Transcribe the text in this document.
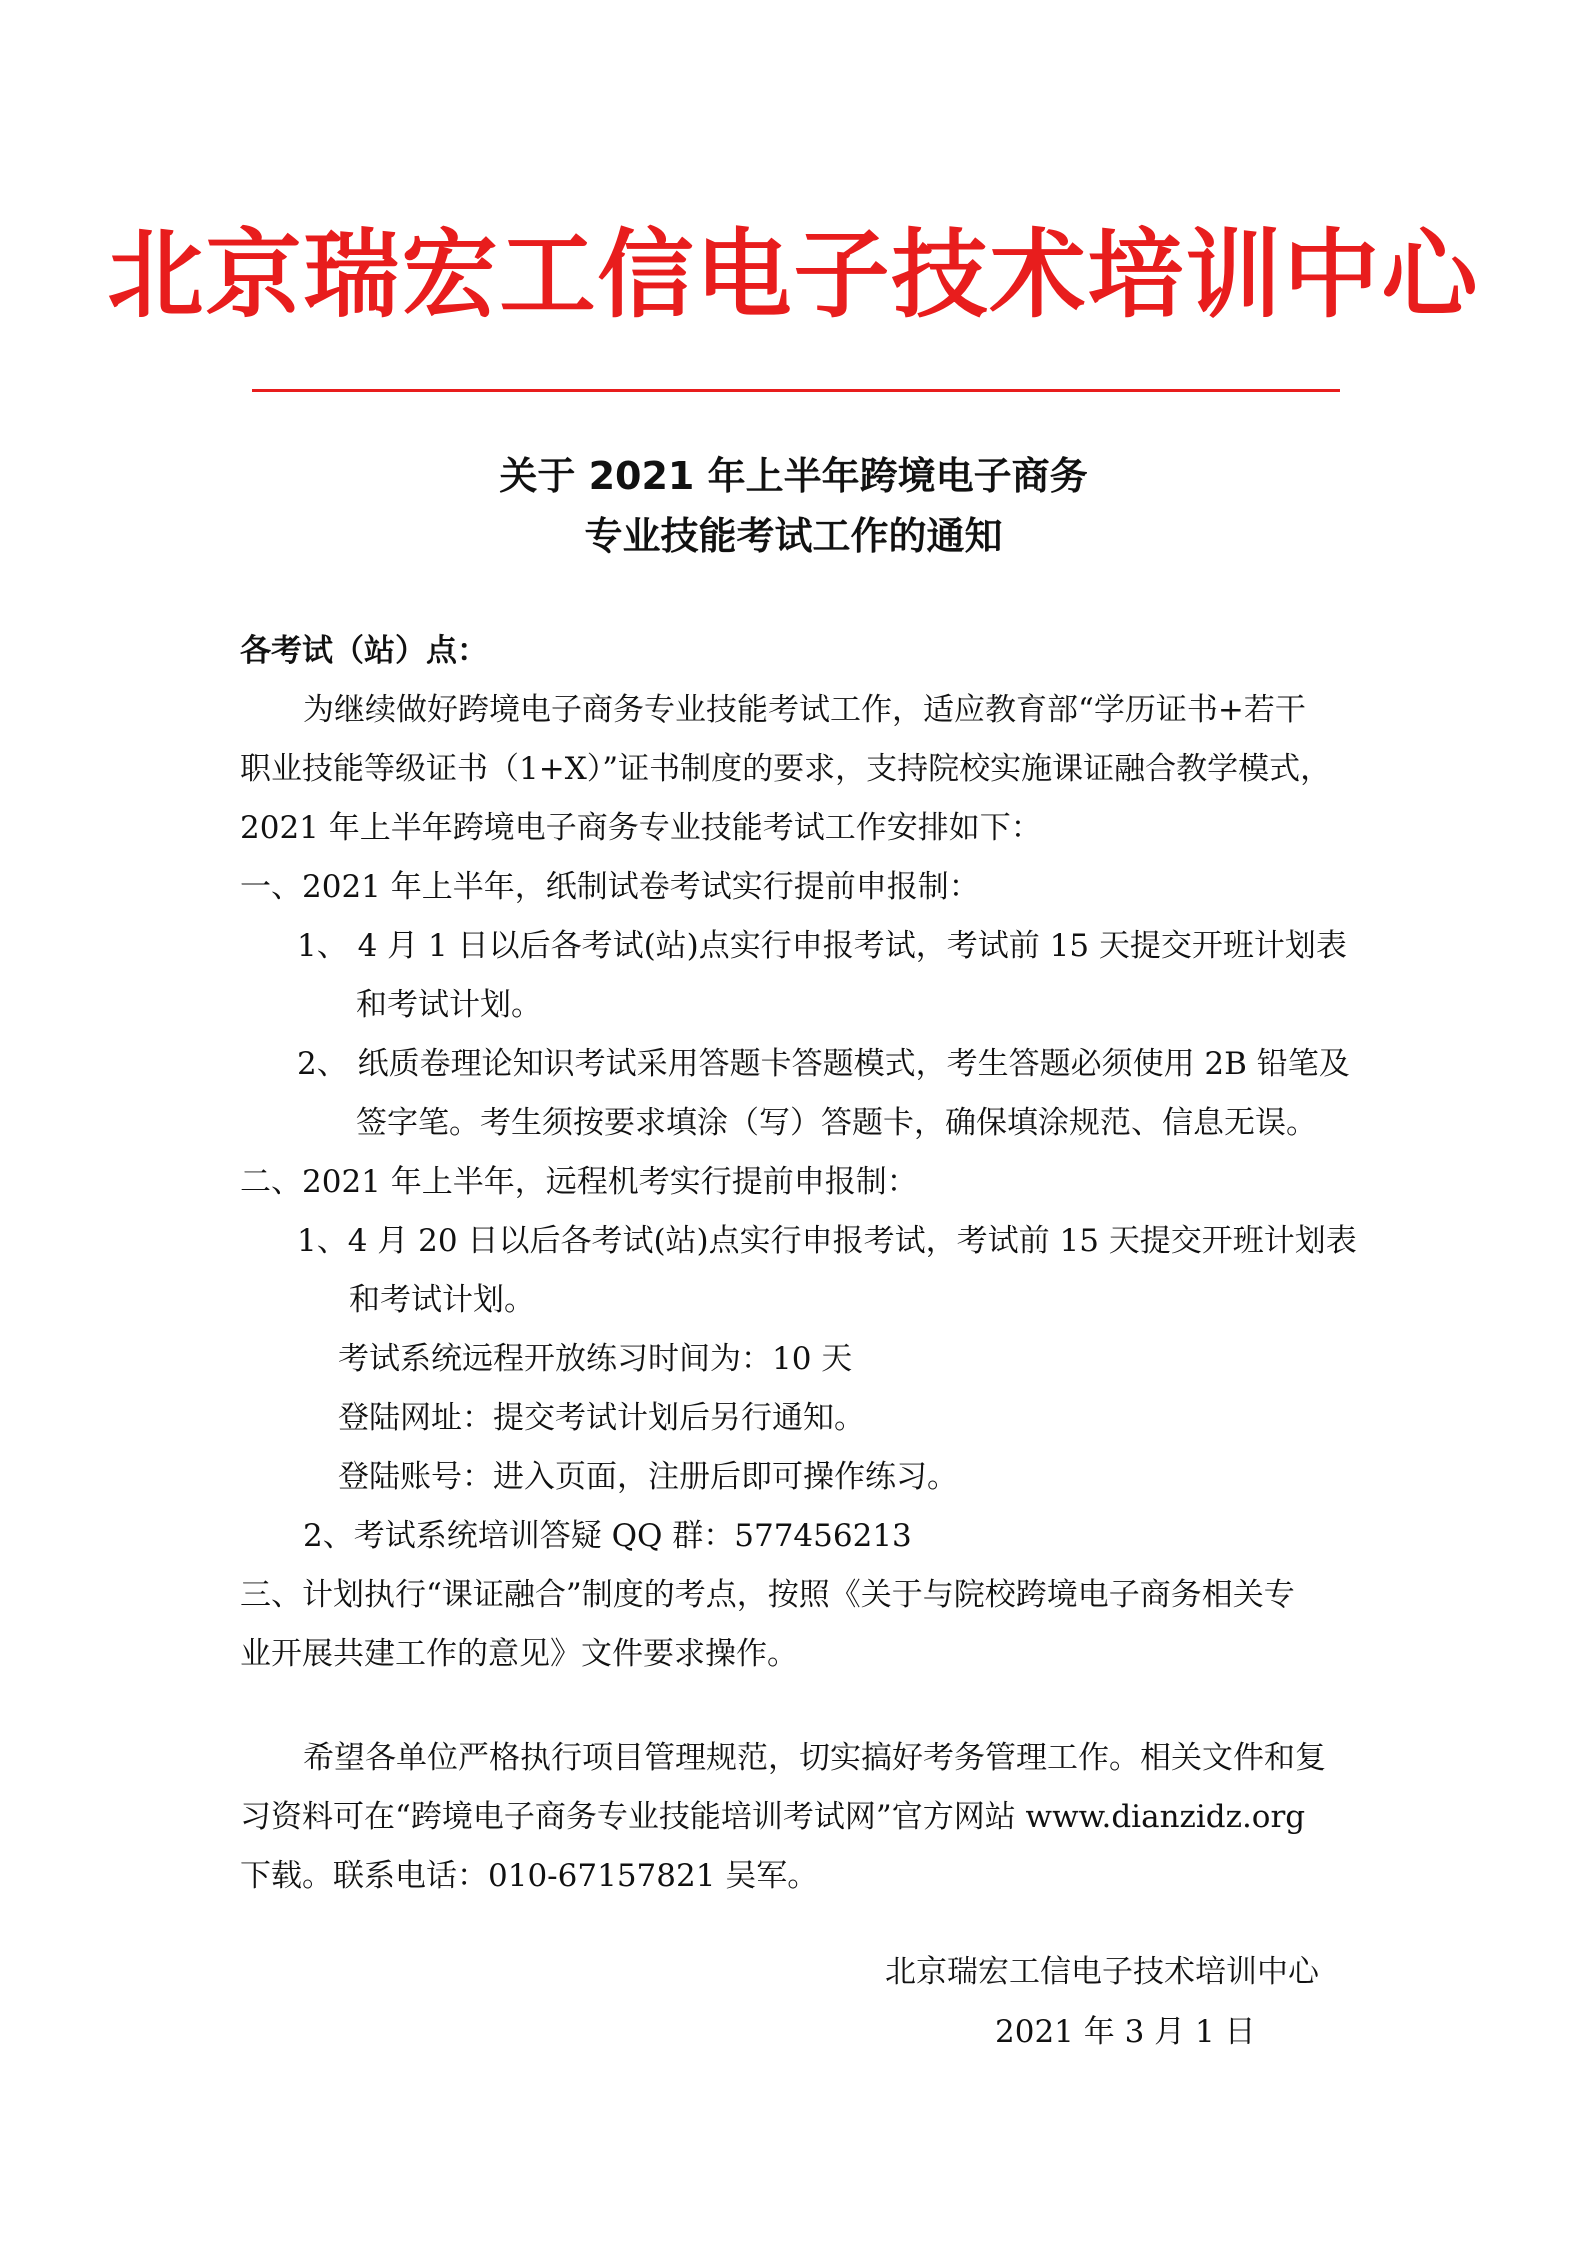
北京瑞宏工信电子技术培训中心
关于 2021 年上半年跨境电子商务
专业技能考试工作的通知
各考试（站）点：
为继续做好跨境电子商务专业技能考试工作，适应教育部“学历证书+若干
职业技能等级证书（1+X）”证书制度的要求，支持院校实施课证融合教学模式，
2021 年上半年跨境电子商务专业技能考试工作安排如下：
一、2021 年上半年，纸制试卷考试实行提前申报制：
1、 4 月 1 日以后各考试(站)点实行申报考试，考试前 15 天提交开班计划表
和考试计划。
2、 纸质卷理论知识考试采用答题卡答题模式，考生答题必须使用 2B 铅笔及
签字笔。考生须按要求填涂（写）答题卡，确保填涂规范、信息无误。
二、2021 年上半年，远程机考实行提前申报制：
1、4 月 20 日以后各考试(站)点实行申报考试，考试前 15 天提交开班计划表
和考试计划。
考试系统远程开放练习时间为：10 天
登陆网址：提交考试计划后另行通知。
登陆账号：进入页面，注册后即可操作练习。
2、考试系统培训答疑 QQ 群：577456213
三、计划执行“课证融合”制度的考点，按照《关于与院校跨境电子商务相关专
业开展共建工作的意见》文件要求操作。
希望各单位严格执行项目管理规范，切实搞好考务管理工作。相关文件和复
习资料可在“跨境电子商务专业技能培训考试网”官方网站 www.dianzidz.org
下载。联系电话：010-67157821 吴军。
北京瑞宏工信电子技术培训中心
2021 年 3 月 1 日
